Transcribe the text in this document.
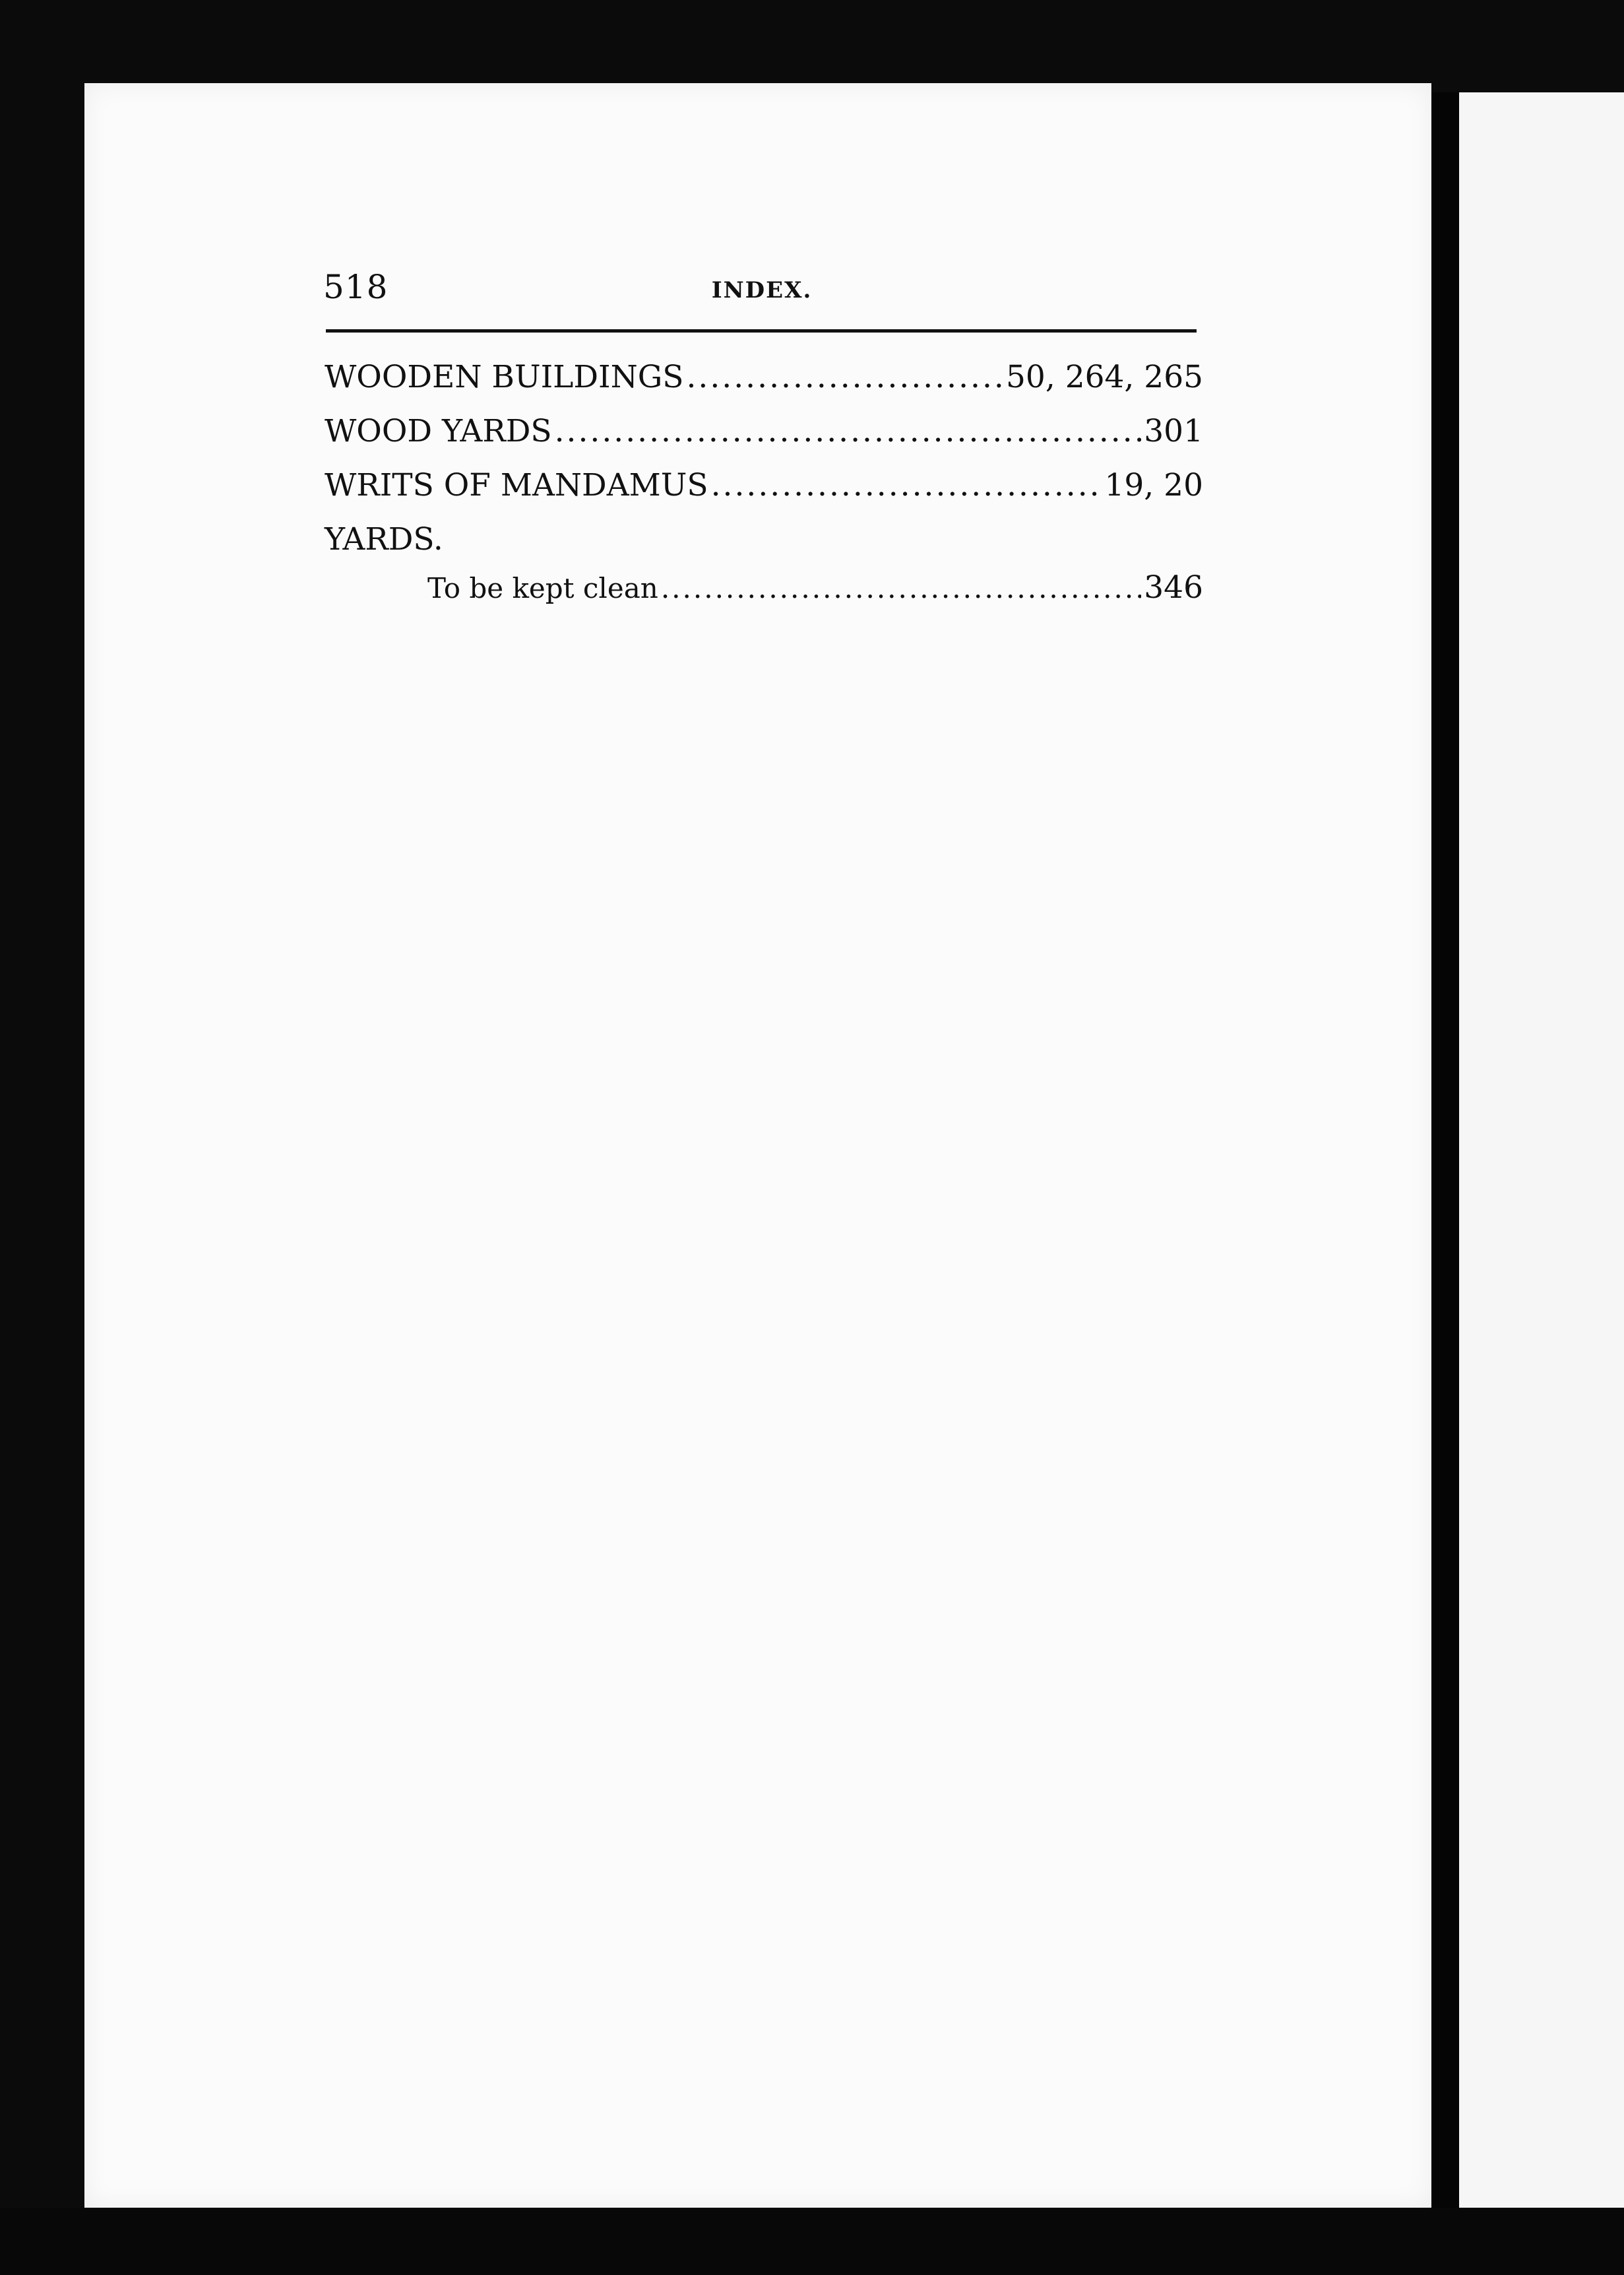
518	INDEX.
WOODEN BUILDINGS .....	50, 264, 265
WOOD YARDS .....	301
WRITS OF MANDAMUS .....	19, 20
YARDS.
To be kept clean .....	346
